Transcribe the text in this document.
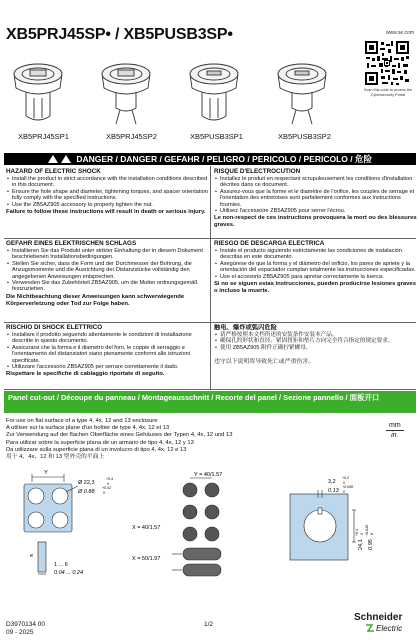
XB5PRJ45SP• / XB5PUSB3SP•	www.se.com
Scan this code to access the Cybersecurity Portal
XB5PRJ45SP1	XB5PRJ45SP2	XB5PUSB3SP1	XB5PUSB3SP2
DANGER / DANGER / GEFAHR / PELIGRO / PERICOLO / PERICOLO / 危险
HAZARD OF ELECTRIC SHOCK
• Install the product in strict accordance with the installation conditions described in this document.
• Ensure the hole shape and diameter, tightening torques, and spacer orientation fully comply with the specified instructions.
• Use the ZB5AZ905 accessory to properly tighten the nut.

Failure to follow these instructions will result in death or serious injury.

RISQUE D'ELECTROCUTION
• Installez le produit en respectant scrupuleusement les conditions d'installation décrites dans ce document.
• Assurez-vous que la forme et le diamètre de l'orifice, les couples de serrage et l'orientation des entretoises sont parfaitement conformes aux instructions fournies.
• Utilisez l'accessoire ZB5AZ905 pour serrer l'écrou.

Le non-respect de ces instructions provoquera la mort ou des blessures graves.

GEFAHR EINES ELEKTRISCHEN SCHLAGS
• Installieren Sie das Produkt unter strikter Einhaltung der in diesem Dokument beschriebenen Installationsbedingungen.
• Stellen Sie sicher, dass die Form und der Durchmesser der Bohrung, die Anzugsmomente und die Ausrichtung der Distanzstücke vollständig den angegebenen Anweisungen entsprechen.
• Verwenden Sie das Zubehörteil ZB5AZ905, um die Mutter ordnungsgemäß festzuziehen.

Die Nichtbeachtung dieser Anweisungen kann schwerwiegende Körperverletzung oder Tod zur Folge haben.

RIESGO DE DESCARGA ELÉCTRICA
• Instale el producto siguiendo estrictamente las condiciones de instalación descritas en este documento.
• Asegúrese de que la forma y el diámetro del orificio, los pares de apriete y la orientación del espaciador cumplan totalmente las instrucciones especificadas.
• Use el accesorio ZB5AZ905 para apretar correctamente la tuerca.

Si no se siguen estas instrucciones, pueden producirse lesiones graves o incluso la muerte.

RISCHIO DI SHOCK ELETTRICO
• Installare il prodotto seguendo attentamente le condizioni di installazione descritte in questo documento.
• Assicurarsi che la forma e il diametro del foro, le coppie di serraggio e l'orientamento del distanziatori siano pienamente conformi alle istruzioni specificate.
• Utilizzare l'accessorio ZB5AZ905 per serrare correttamente il dado.

Rispettare le specifiche di cablaggio riportate di seguito.

触电、爆炸或弧闪危险
• 请严格按照本文档所述的安装条件安装本产品。
• 确保孔的形状和直径、紧固扭矩和垫片方向完全符合指定的规定要求。
• 使用 ZB5AZ905 附件正确拧紧螺母。

违守以下说明将导致死亡或严重伤害。

Panel cut-out / Découpe du panneau / Montageausschnitt / Recorte del panel / Sezione pannello / 面板开口
For use on flat surface of a type 4, 4x, 12 and 13 enclosure
A utiliser sur la surface plane d'un boîtier de type 4, 4x, 12 et 13
Zur Verwendung auf der flachen Oberfläche eines Gehäuses der Typen 4, 4x, 12 und 13
Para utilizar sobre la superficie plana de un armario de tipo 4, 4x, 12 y 13
Da utilizzare sulla superficie piana di un involucro di tipo 4, 4x, 12 e 13
用于 4、4x、12 和 13 型外壳的平面上
mm
in.
Y
Ø 22,3
+0,4
0
Ø 0.88
+0.02
0
e
1 ... 6
0.04 ... 0.24
Y = 40/1.57
X = 40/1.57
X = 50/1.97
3,2
+0,2
0
0.13
+0.008
0
24,1
+0,4 0
0.95
+0.016 0
D3970134 00
09 - 2025
1/2
Schneider
Electric
